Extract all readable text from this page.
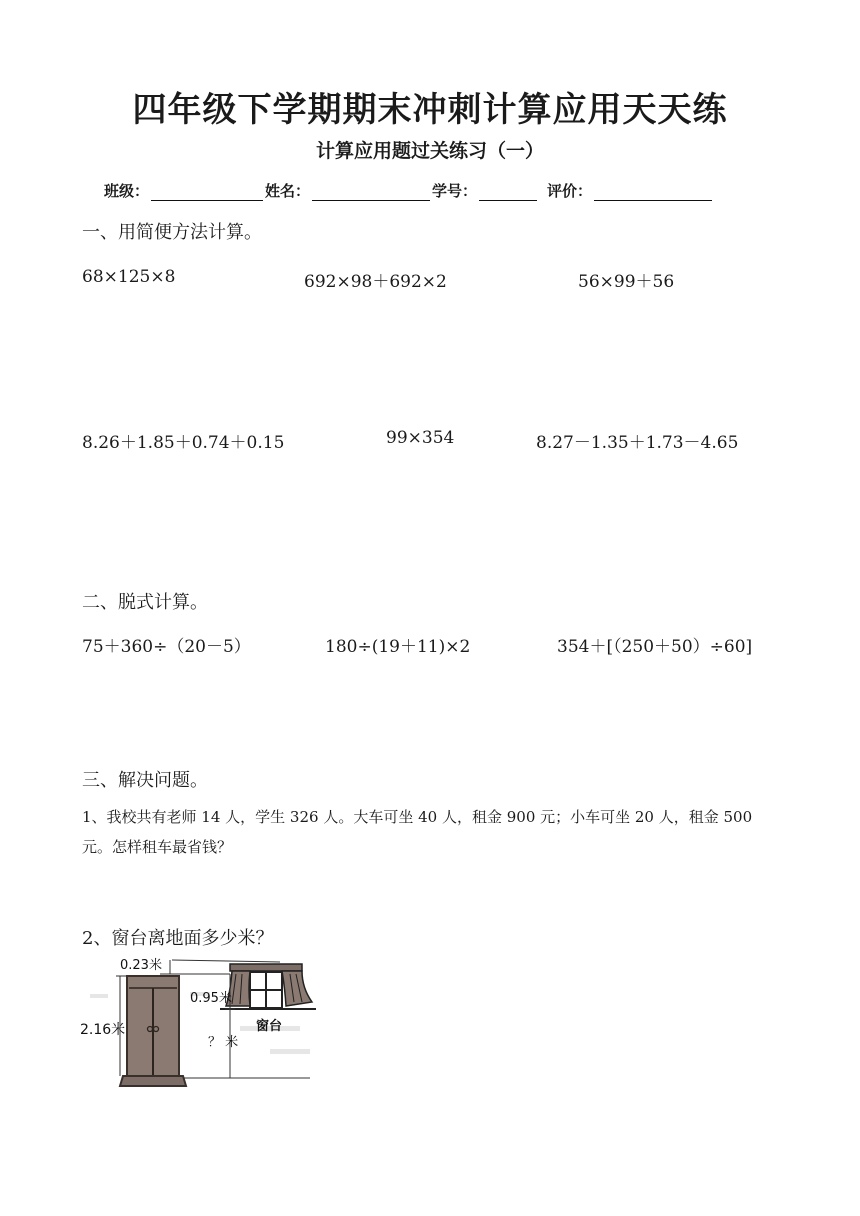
四年级下学期期末冲刺计算应用天天练
计算应用题过关练习（一）
班级：	姓名：	学号：	评价：
一、用简便方法计算。
68×125×8	692×98＋692×2	56×99＋56
8.26＋1.85＋0.74＋0.15	99×354	8.27－1.35＋1.73－4.65
二、脱式计算。
75＋360÷（20－5）	180÷(19＋11)×2	354＋[（250＋50）÷60]
三、解决问题。
1、我校共有老师 14 人，学生 326 人。大车可坐 40 人，租金 900 元；小车可坐 20 人，租金 500
元。怎样租车最省钱？
2、窗台离地面多少米？
0.23米
0.95米
2.16米
？ 米
窗台
